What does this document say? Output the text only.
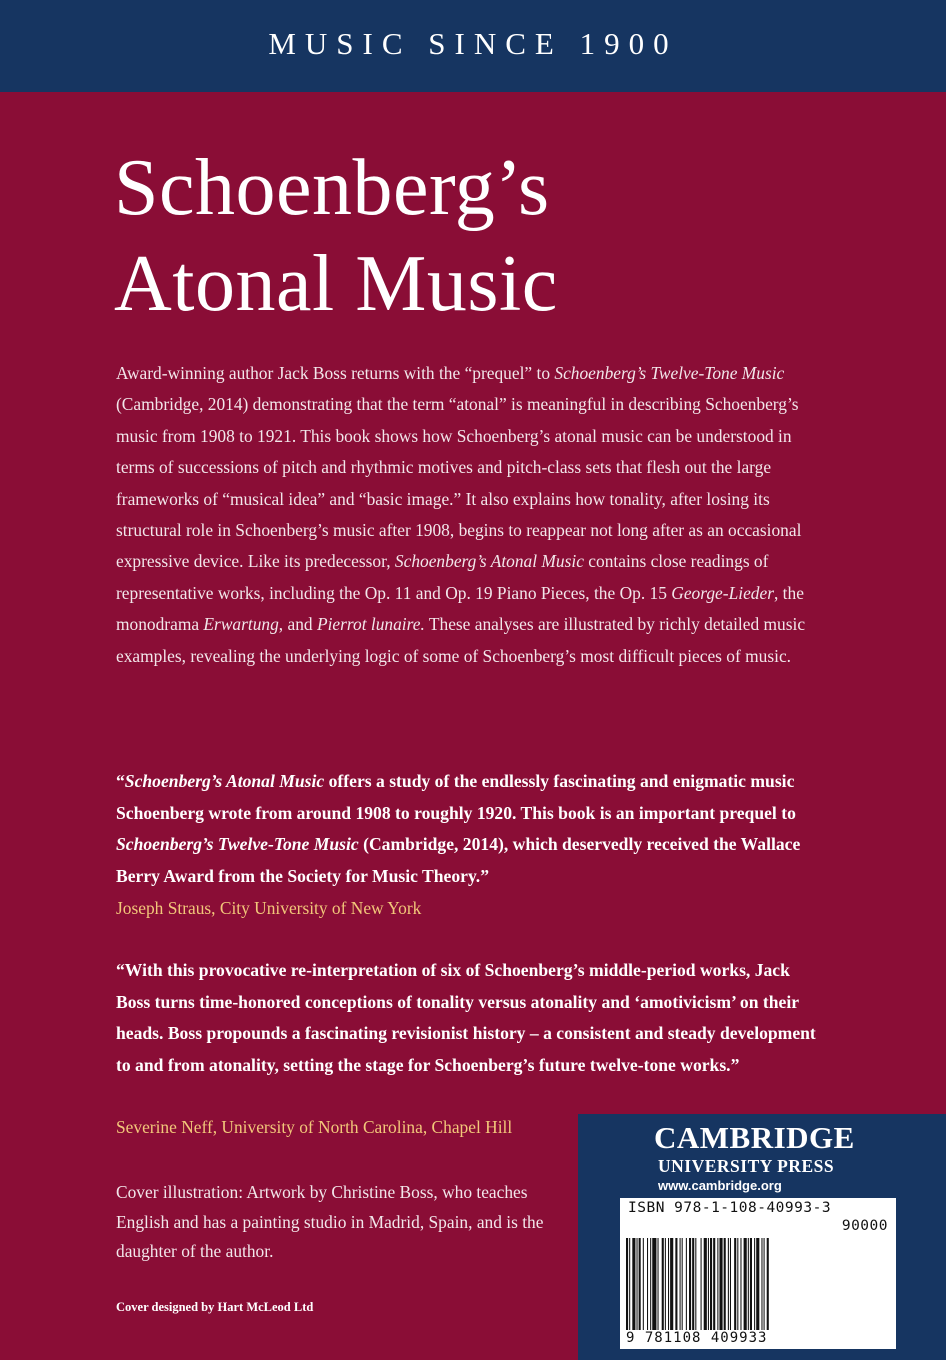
MUSIC SINCE 1900
Schoenberg’s
Atonal Music

Award-winning author Jack Boss returns with the “prequel” to Schoenberg’s Twelve-Tone Music (Cambridge, 2014) demonstrating that the term “atonal” is meaningful in describing Schoenberg’s music from 1908 to 1921. This book shows how Schoenberg’s atonal music can be understood in terms of successions of pitch and rhythmic motives and pitch-class sets that flesh out the large frameworks of “musical idea” and “basic image.” It also explains how tonality, after losing its structural role in Schoenberg’s music after 1908, begins to reappear not long after as an occasional expressive device. Like its predecessor, Schoenberg’s Atonal Music contains close readings of representative works, including the Op. 11 and Op. 19 Piano Pieces, the Op. 15 George-Lieder, the monodrama Erwartung, and Pierrot lunaire. These analyses are illustrated by richly detailed music examples, revealing the underlying logic of some of Schoenberg’s most difficult pieces of music.

“Schoenberg’s Atonal Music offers a study of the endlessly fascinating and enigmatic music Schoenberg wrote from around 1908 to roughly 1920. This book is an important prequel to Schoenberg’s Twelve-Tone Music (Cambridge, 2014), which deservedly received the Wallace Berry Award from the Society for Music Theory.”

Joseph Straus, City University of New York

“With this provocative re-interpretation of six of Schoenberg’s middle-period works, Jack Boss turns time-honored conceptions of tonality versus atonality and ‘amotivicism’ on their heads. Boss propounds a fascinating revisionist history – a consistent and steady development to and from atonality, setting the stage for Schoenberg’s future twelve-tone works.”

Severine Neff, University of North Carolina, Chapel Hill

Cover illustration: Artwork by Christine Boss, who teaches English and has a painting studio in Madrid, Spain, and is the daughter of the author.

Cover designed by Hart McLeod Ltd
CAMBRIDGE
UNIVERSITY PRESS
www.cambridge.org
ISBN 978-1-108-40993-3
90000
9 781108 409933
